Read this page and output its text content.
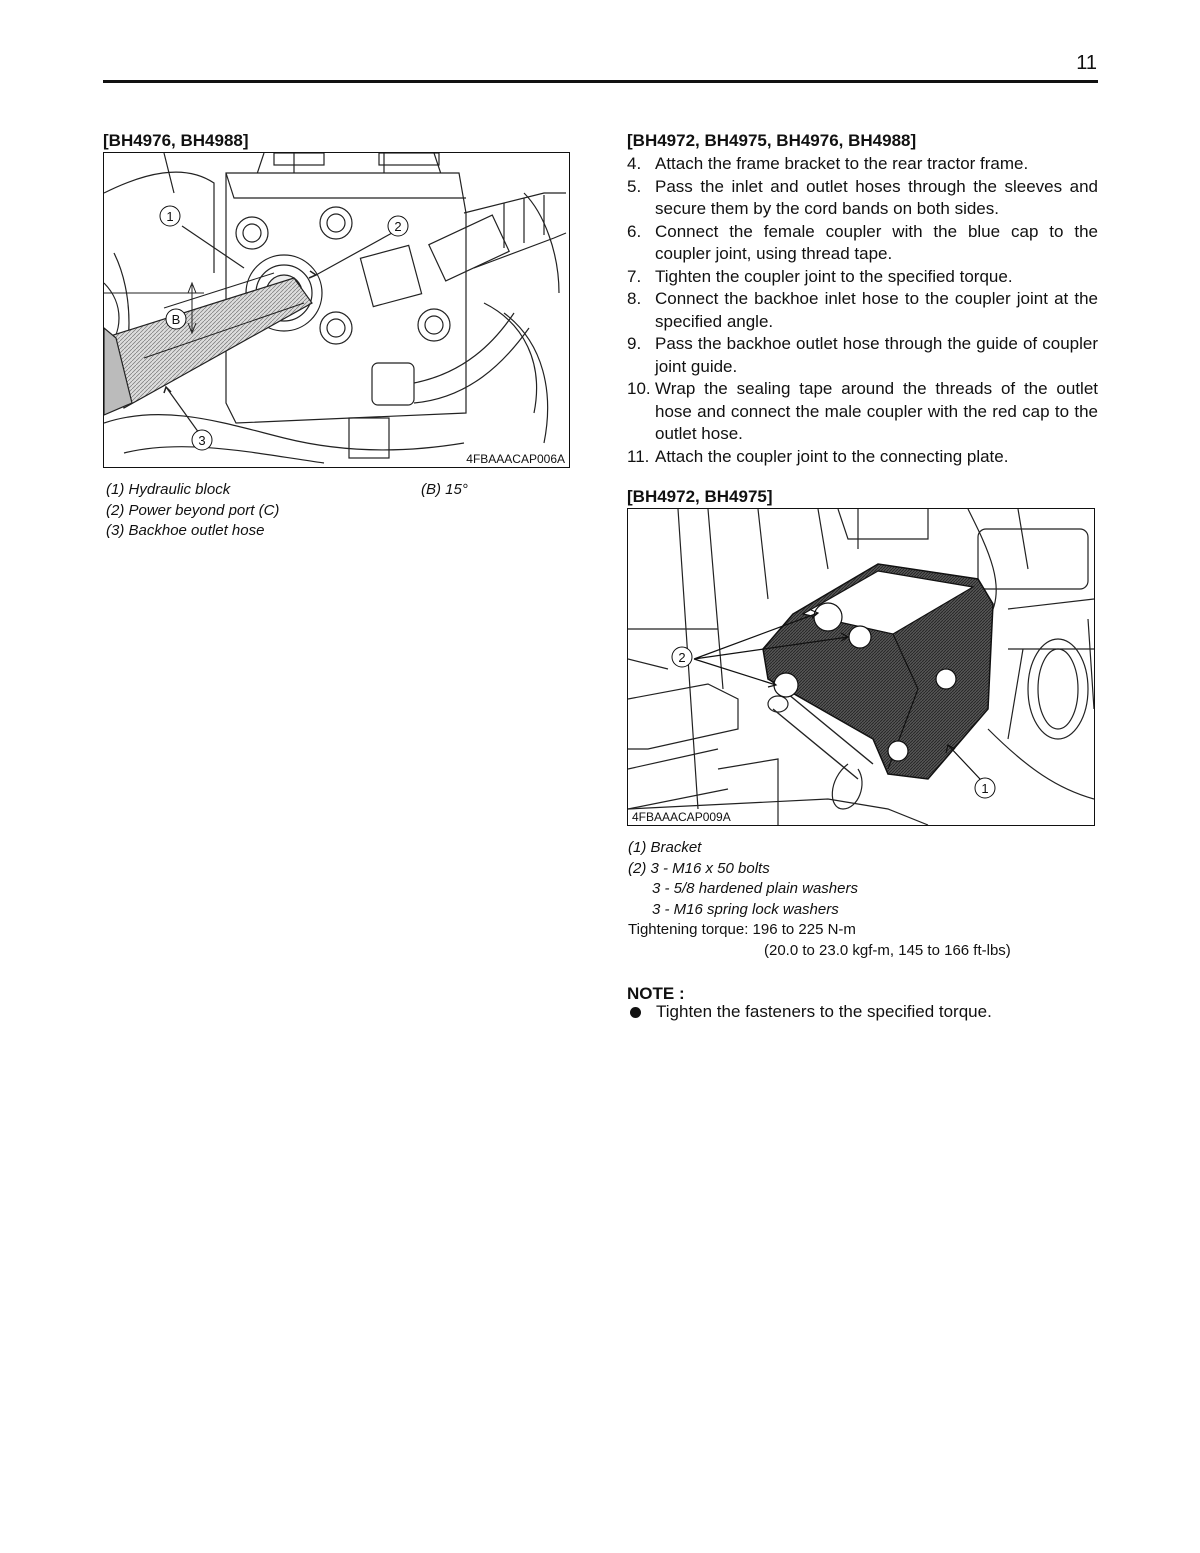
11
[BH4976, BH4988]
1
2
3
B
4FBAAACAP006A
(1) Hydraulic block
(2) Power beyond port (C)
(3) Backhoe outlet hose
(B) 15°
[BH4972, BH4975, BH4976, BH4988]
4. Attach the frame bracket to the rear tractor frame.
5. Pass the inlet and outlet hoses through the sleeves and secure them by the cord bands on both sides.
6. Connect the female coupler with the blue cap to the coupler joint, using thread tape.
7. Tighten the coupler joint to the specified torque.
8. Connect the backhoe inlet hose to the coupler joint at the specified angle.
9. Pass the backhoe outlet hose through the guide of coupler joint guide.
10. Wrap the sealing tape around the threads of the outlet hose and connect the male coupler with the red cap to the outlet hose.
11. Attach the coupler joint to the connecting plate.
[BH4972, BH4975]
2
1
4FBAAACAP009A
(1) Bracket
(2) 3 - M16 x 50 bolts
3 - 5/8 hardened plain washers
3 - M16 spring lock washers
Tightening torque: 196 to 225 N-m
(20.0 to 23.0 kgf-m, 145 to 166 ft-lbs)
NOTE :
Tighten the fasteners to the specified torque.
